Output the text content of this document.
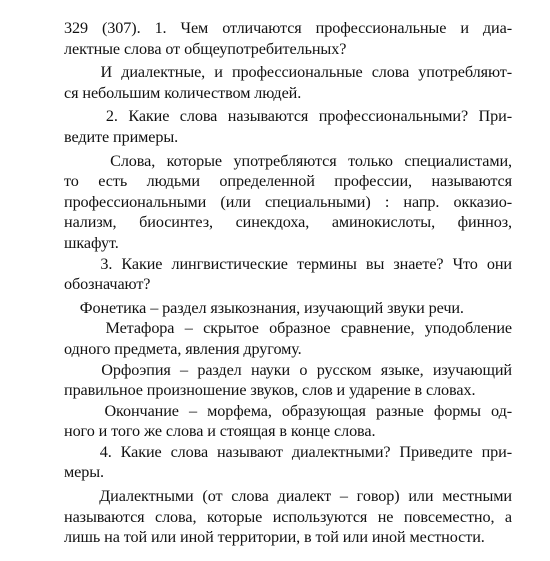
329 (307). 1. Чем отличаются профессиональные и диа-
лектные слова от общеупотребительных?
И диалектные, и профессиональные слова употребляют-
ся небольшим количеством людей.
2. Какие слова называются профессиональными? При-
ведите примеры.
Слова, которые употребляются только специалистами,
то есть людьми определенной профессии, называются
профессиональными (или специальными) : напр. окказио-
нализм, биосинтез, синекдоха, аминокислоты, финноз,
шкафут.
3. Какие лингвистические термины вы знаете? Что они
обозначают?
Фонетика – раздел языкознания, изучающий звуки речи.
Метафора – скрытое образное сравнение, уподобление
одного предмета, явления другому.
Орфоэпия – раздел науки о русском языке, изучающий
правильное произношение звуков, слов и ударение в словах.
Окончание – морфема, образующая разные формы од-
ного и того же слова и стоящая в конце слова.
4. Какие слова называют диалектными? Приведите при-
меры.
Диалектными (от слова диалект – говор) или местными
называются слова, которые используются не повсеместно, а
лишь на той или иной территории, в той или иной местности.
